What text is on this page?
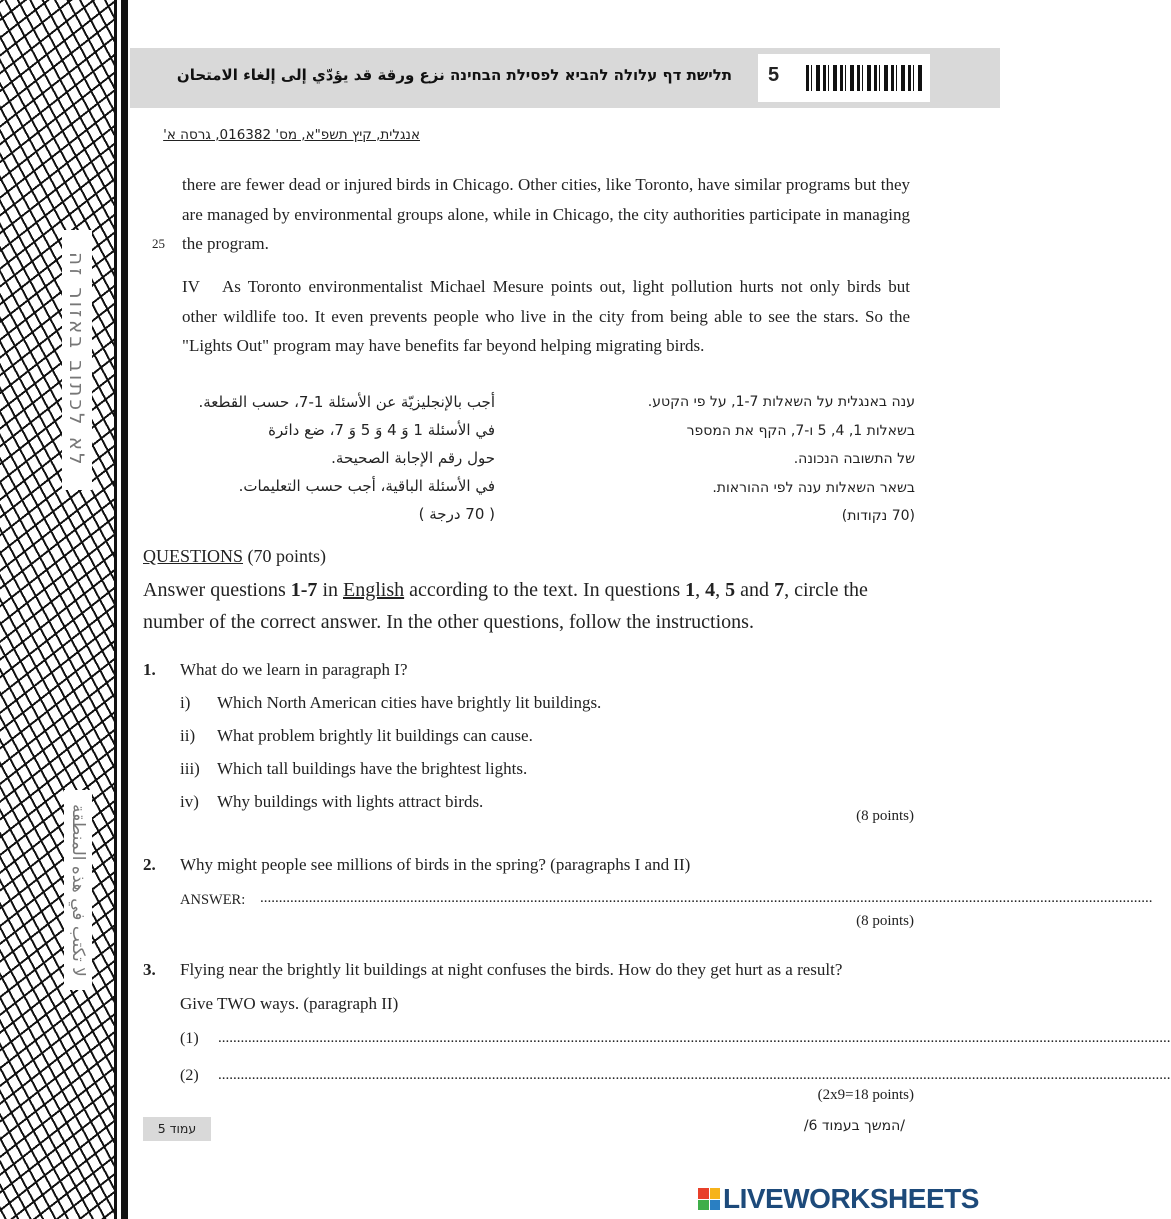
לא לכתוב באזור זה
لا تكتب في هذه المنطقة
תלישת דף עלולה להביא לפסילת הבחינה نزع ورقة قد يؤدّي إلى إلغاء الامتحان 5
אנגלית, קיץ תשפ"א, מס' 016382, גרסה א'
there are fewer dead or injured birds in Chicago. Other cities, like Toronto, have similar programs but they are managed by environmental groups alone, while in Chicago, the city authorities participate in managing the program.
25
IV As Toronto environmentalist Michael Mesure points out, light pollution hurts not only birds but other wildlife too. It even prevents people who live in the city from being able to see the stars. So the "Lights Out" program may have benefits far beyond helping migrating birds.
أجب بالإنجليزيّة عن الأسئلة 1-7، حسب القطعة.
في الأسئلة 1 وَ 4 وَ 5 وَ 7، ضع دائرة
حول رقم الإجابة الصحيحة.
في الأسئلة الباقية، أجب حسب التعليمات.
( 70 درجة )
ענה באנגלית על השאלות 1-7, על פי הקטע.
בשאלות 1, 4, 5 ו-7, הקף את המספר
של התשובה הנכונה.
בשאר השאלות ענה לפי ההוראות.
(70 נקודות)
QUESTIONS (70 points)
Answer questions 1-7 in English according to the text. In questions 1, 4, 5 and 7, circle the number of the correct answer. In the other questions, follow the instructions.
1. What do we learn in paragraph I?
i) Which North American cities have brightly lit buildings.
ii) What problem brightly lit buildings can cause.
iii) Which tall buildings have the brightest lights.
iv) Why buildings with lights attract birds.
(8 points)
2. Why might people see millions of birds in the spring? (paragraphs I and II)
ANSWER: ..............................................................................................................................................................................................................................................
(8 points)
3. Flying near the brightly lit buildings at night confuses the birds. How do they get hurt as a result?
Give TWO ways. (paragraph II)
(1) ..............................................................................................................................................................................................................................................................
(2) ..............................................................................................................................................................................................................................................................
(2x9=18 points)
עמוד 5	/המשך בעמוד 6/
LIVEWORKSHEETS
